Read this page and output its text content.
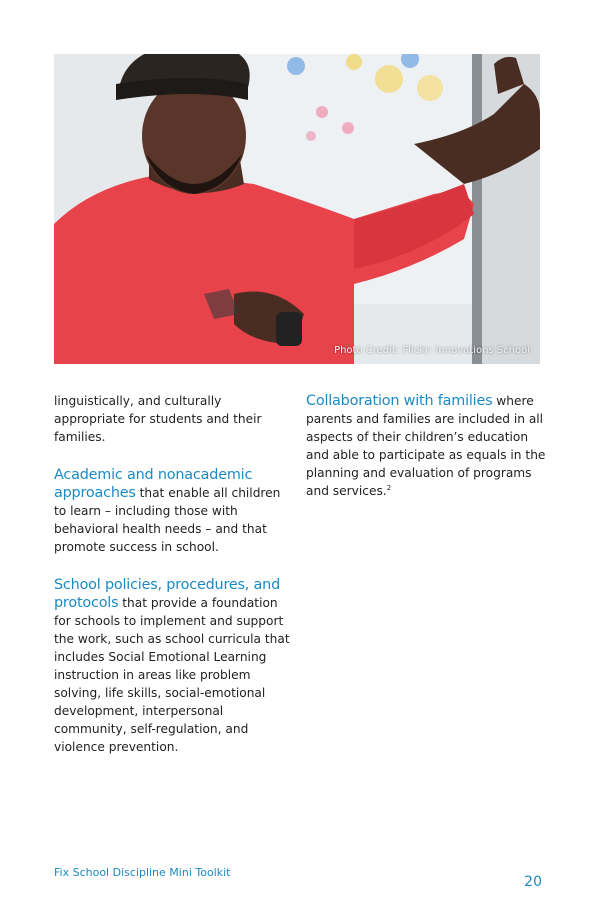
Photo Credit: Flickr: Innovations School

linguistically, and culturally appropriate for students and their families.

Academic and nonacademic approaches that enable all children to learn – including those with behavioral health needs – and that promote success in school.

School policies, procedures, and protocols that provide a foundation for schools to implement and support the work, such as school curricula that includes Social Emotional Learning instruction in areas like problem solving, life skills, social-emotional development, interpersonal community, self-regulation, and violence prevention.

Collaboration with families where parents and families are included in all aspects of their children’s education and able to participate as equals in the planning and evaluation of programs and services.$^2$

Fix School Discipline Mini Toolkit
20
